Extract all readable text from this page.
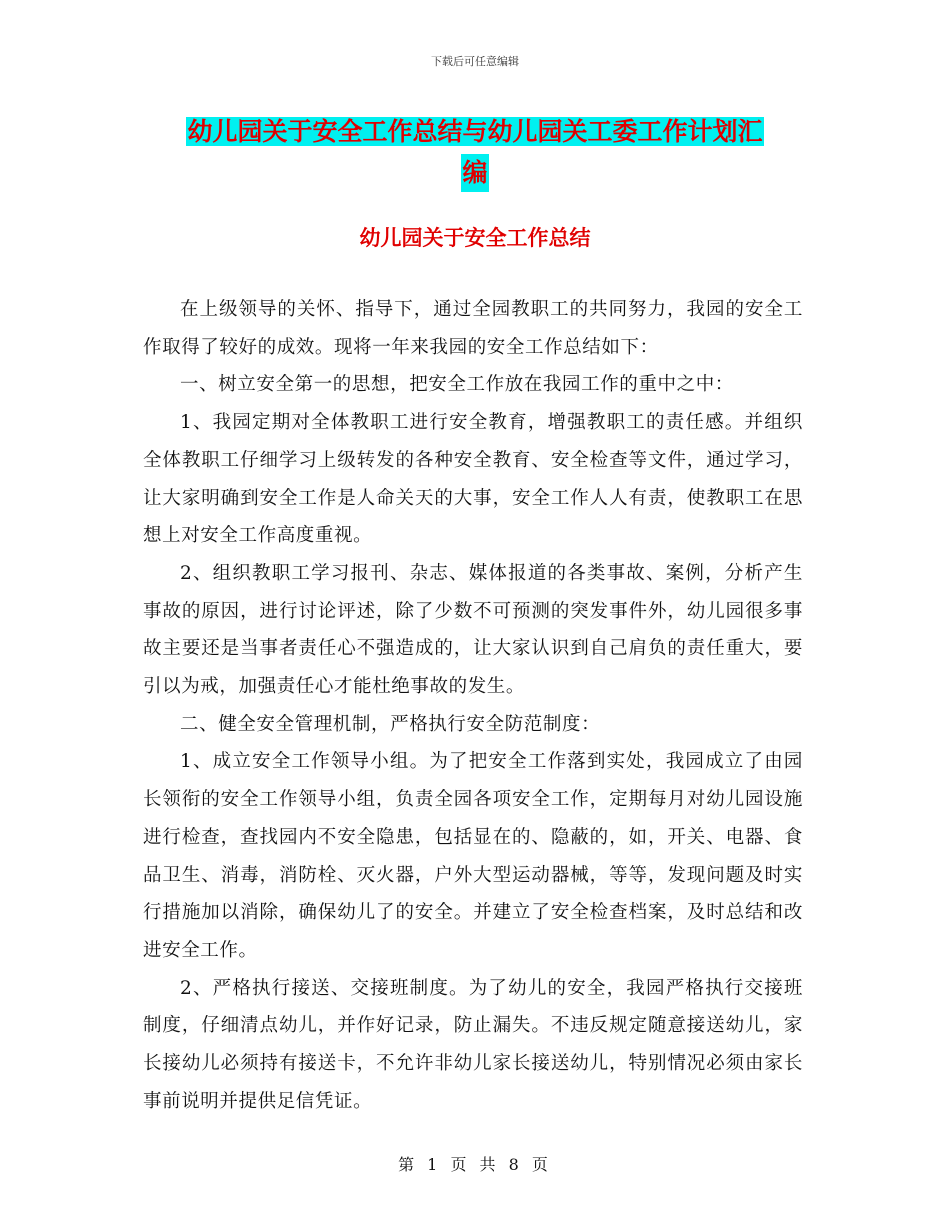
下载后可任意编辑
幼儿园关于安全工作总结与幼儿园关工委工作计划汇
编
幼儿园关于安全工作总结

在上级领导的关怀、指导下，通过全园教职工的共同努力，我园的安全工作取得了较好的成效。现将一年来我园的安全工作总结如下：

一、树立安全第一的思想，把安全工作放在我园工作的重中之中：

1、我园定期对全体教职工进行安全教育，增强教职工的责任感。并组织全体教职工仔细学习上级转发的各种安全教育、安全检查等文件，通过学习，让大家明确到安全工作是人命关天的大事，安全工作人人有责，使教职工在思想上对安全工作高度重视。

2、组织教职工学习报刊、杂志、媒体报道的各类事故、案例，分析产生事故的原因，进行讨论评述，除了少数不可预测的突发事件外，幼儿园很多事故主要还是当事者责任心不强造成的，让大家认识到自己肩负的责任重大，要引以为戒，加强责任心才能杜绝事故的发生。

二、健全安全管理机制，严格执行安全防范制度：

1、成立安全工作领导小组。为了把安全工作落到实处，我园成立了由园长领衔的安全工作领导小组，负责全园各项安全工作，定期每月对幼儿园设施进行检查，查找园内不安全隐患，包括显在的、隐蔽的，如，开关、电器、食品卫生、消毒，消防栓、灭火器，户外大型运动器械，等等，发现问题及时实行措施加以消除，确保幼儿了的安全。并建立了安全检查档案，及时总结和改进安全工作。

2、严格执行接送、交接班制度。为了幼儿的安全，我园严格执行交接班制度，仔细清点幼儿，并作好记录，防止漏失。不违反规定随意接送幼儿，家长接幼儿必须持有接送卡，不允许非幼儿家长接送幼儿，特别情况必须由家长事前说明并提供足信凭证。

第 1 页 共 8 页
